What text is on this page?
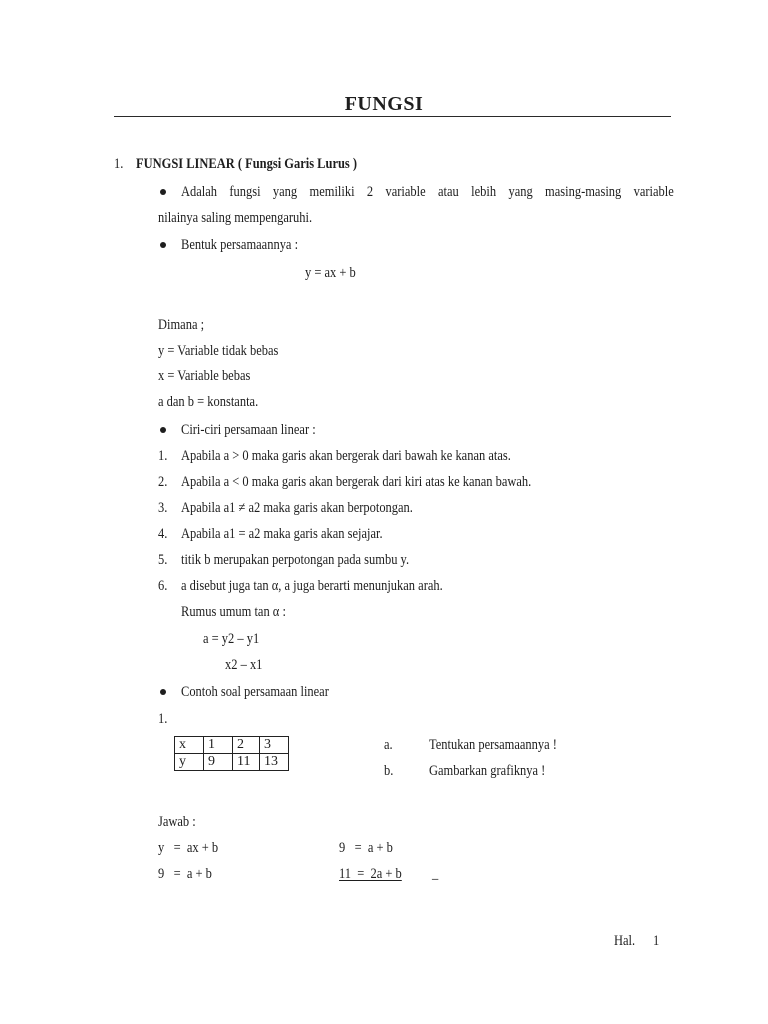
FUNGSI
1. FUNGSI LINEAR ( Fungsi Garis Lurus )
Adalah fungsi yang memiliki 2 variable atau lebih yang masing-masing variable
nilainya saling mempengaruhi.
Bentuk persamaannya :
y = ax + b
Dimana ;
y = Variable tidak bebas
x = Variable bebas
a dan b = konstanta.
Ciri-ciri persamaan linear :
1. Apabila a > 0 maka garis akan bergerak dari bawah ke kanan atas.
2. Apabila a < 0 maka garis akan bergerak dari kiri atas ke kanan bawah.
3. Apabila a1 ≠ a2 maka garis akan berpotongan.
4. Apabila a1 = a2 maka garis akan sejajar.
5. titik b merupakan perpotongan pada sumbu y.
6. a disebut juga tan α, a juga berarti menunjukan arah.
Rumus umum tan α :
a = y2 – y1
x2 – x1
Contoh soal persamaan linear
1.
x	1	2	3
y	9	11	13
a.	Tentukan persamaannya !
b. Gambarkan grafiknya !
Jawab :
y   =  ax + b
9   =  a + b
9   =  a + b
11  =  2a + b _
Hal. 1
